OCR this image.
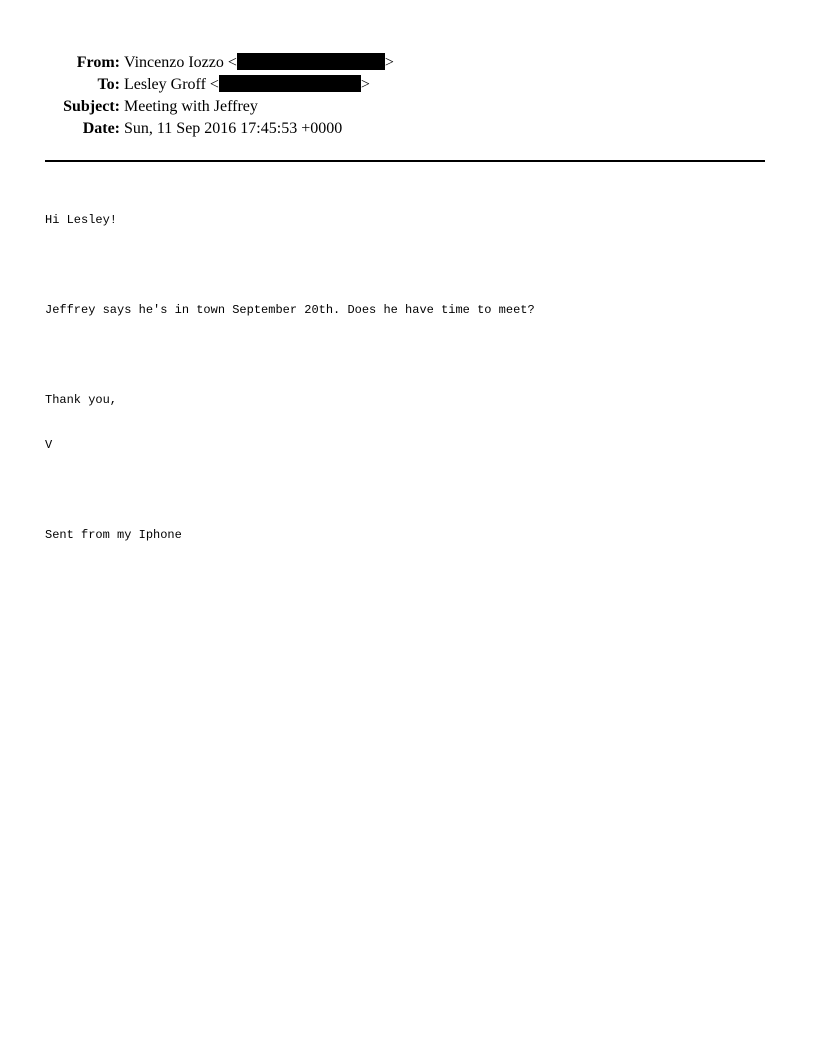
From: Vincenzo Iozzo <	>
To: Lesley Groff <	>
Subject: Meeting with Jeffrey
Date: Sun, 11 Sep 2016 17:45:53 +0000

Hi Lesley!

Jeffrey says he's in town September 20th. Does he have time to meet?

Thank you,

V

Sent from my Iphone
